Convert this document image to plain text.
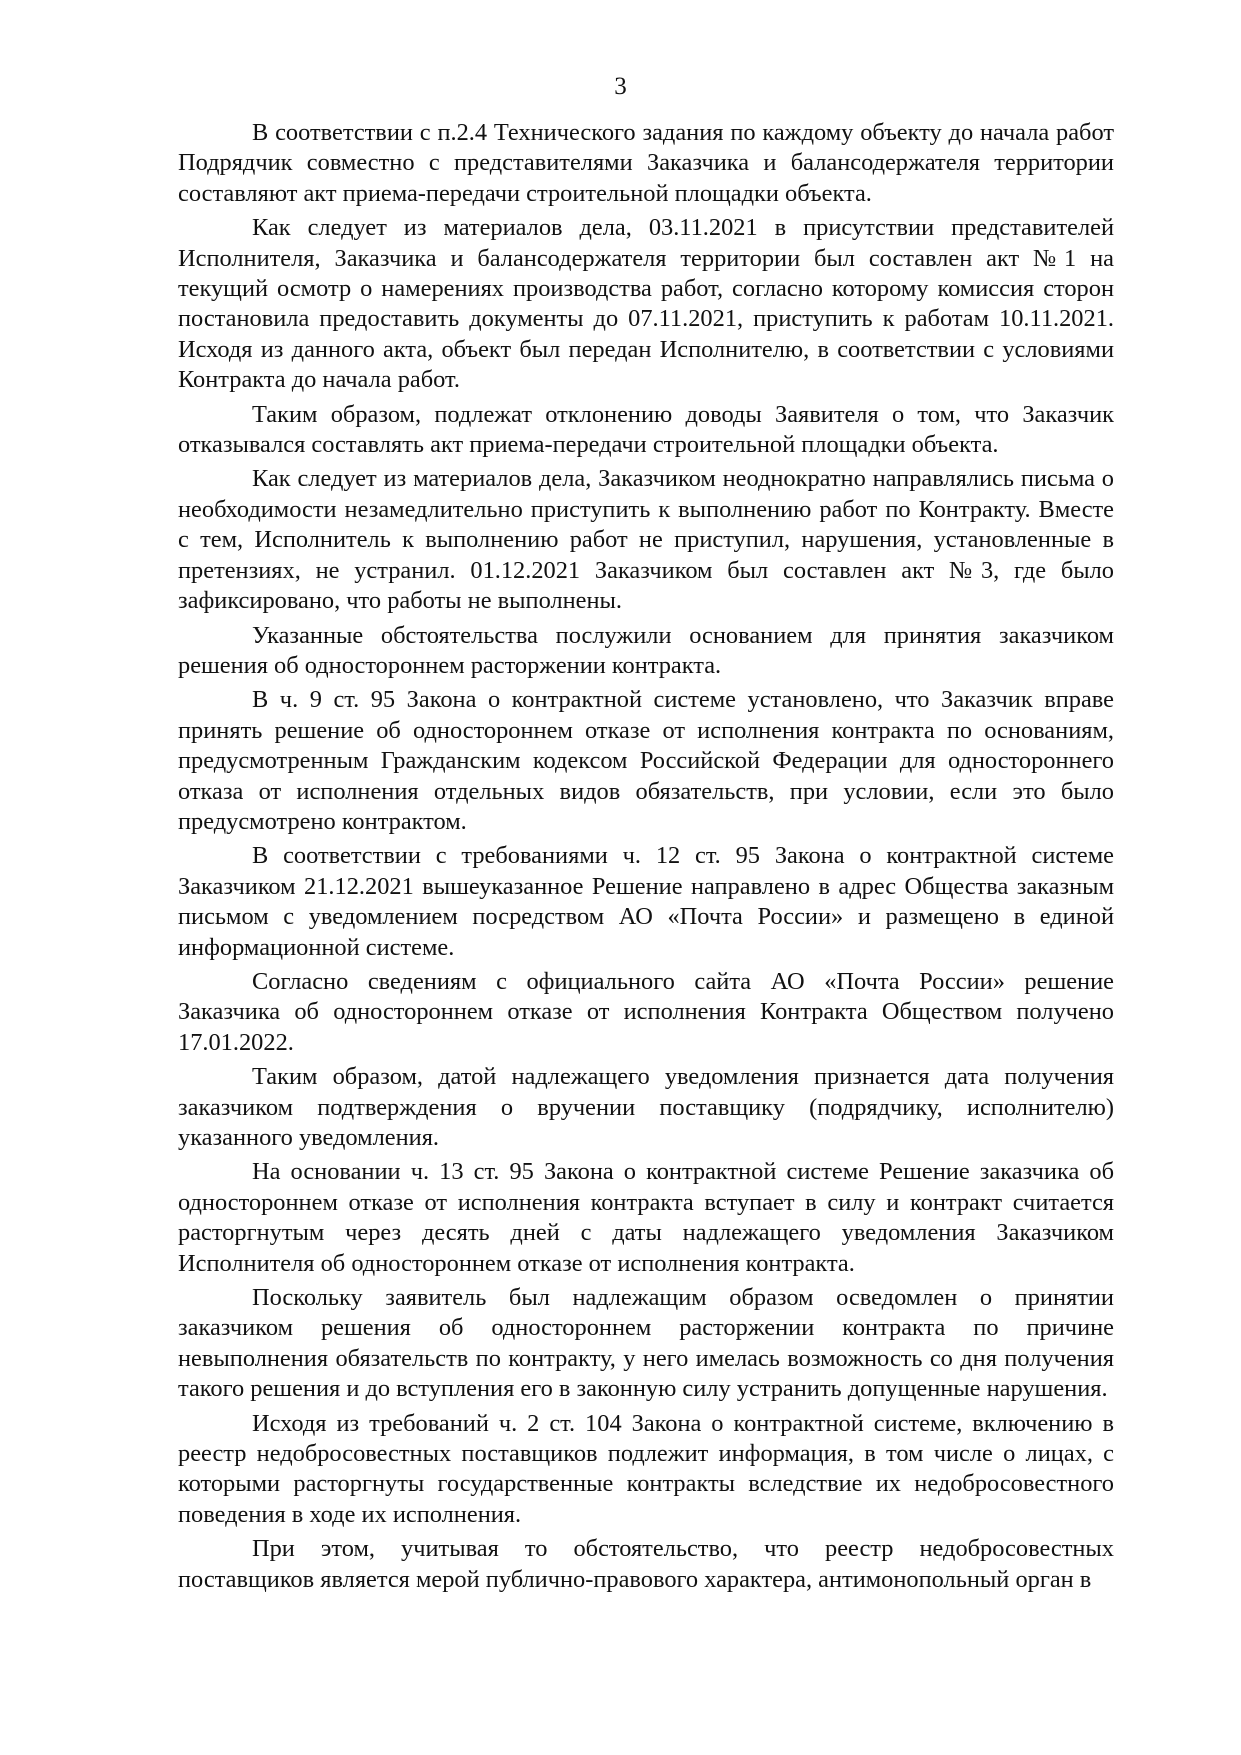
3

В соответствии с п.2.4 Технического задания по каждому объекту до начала работ Подрядчик совместно с представителями Заказчика и балансодержателя территории составляют акт приема-передачи строительной площадки объекта.

Как следует из материалов дела, 03.11.2021 в присутствии представителей Исполнителя, Заказчика и балансодержателя территории был составлен акт №1 на текущий осмотр о намерениях производства работ, согласно которому комиссия сторон постановила предоставить документы до 07.11.2021, приступить к работам 10.11.2021. Исходя из данного акта, объект был передан Исполнителю, в соответствии с условиями Контракта до начала работ.

Таким образом, подлежат отклонению доводы Заявителя о том, что Заказчик отказывался составлять акт приема-передачи строительной площадки объекта.

Как следует из материалов дела, Заказчиком неоднократно направлялись письма о необходимости незамедлительно приступить к выполнению работ по Контракту. Вместе с тем, Исполнитель к выполнению работ не приступил, нарушения, установленные в претензиях, не устранил. 01.12.2021 Заказчиком был составлен акт №3, где было зафиксировано, что работы не выполнены.

Указанные обстоятельства послужили основанием для принятия заказчиком решения об одностороннем расторжении контракта.

В ч. 9 ст. 95 Закона о контрактной системе установлено, что Заказчик вправе принять решение об одностороннем отказе от исполнения контракта по основаниям, предусмотренным Гражданским кодексом Российской Федерации для одностороннего отказа от исполнения отдельных видов обязательств, при условии, если это было предусмотрено контрактом.

В соответствии с требованиями ч. 12 ст. 95 Закона о контрактной системе Заказчиком 21.12.2021 вышеуказанное Решение направлено в адрес Общества заказным письмом с уведомлением посредством АО «Почта России» и размещено в единой информационной системе.

Согласно сведениям с официального сайта АО «Почта России» решение Заказчика об одностороннем отказе от исполнения Контракта Обществом получено 17.01.2022.

Таким образом, датой надлежащего уведомления признается дата получения заказчиком подтверждения о вручении поставщику (подрядчику, исполнителю) указанного уведомления.

На основании ч. 13 ст. 95 Закона о контрактной системе Решение заказчика об одностороннем отказе от исполнения контракта вступает в силу и контракт считается расторгнутым через десять дней с даты надлежащего уведомления Заказчиком Исполнителя об одностороннем отказе от исполнения контракта.

Поскольку заявитель был надлежащим образом осведомлен о принятии заказчиком решения об одностороннем расторжении контракта по причине невыполнения обязательств по контракту, у него имелась возможность со дня получения такого решения и до вступления его в законную силу устранить допущенные нарушения.

Исходя из требований ч. 2 ст. 104 Закона о контрактной системе, включению в реестр недобросовестных поставщиков подлежит информация, в том числе о лицах, с которыми расторгнуты государственные контракты вследствие их недобросовестного поведения в ходе их исполнения.

При этом, учитывая то обстоятельство, что реестр недобросовестных поставщиков является мерой публично-правового характера, антимонопольный орган в
